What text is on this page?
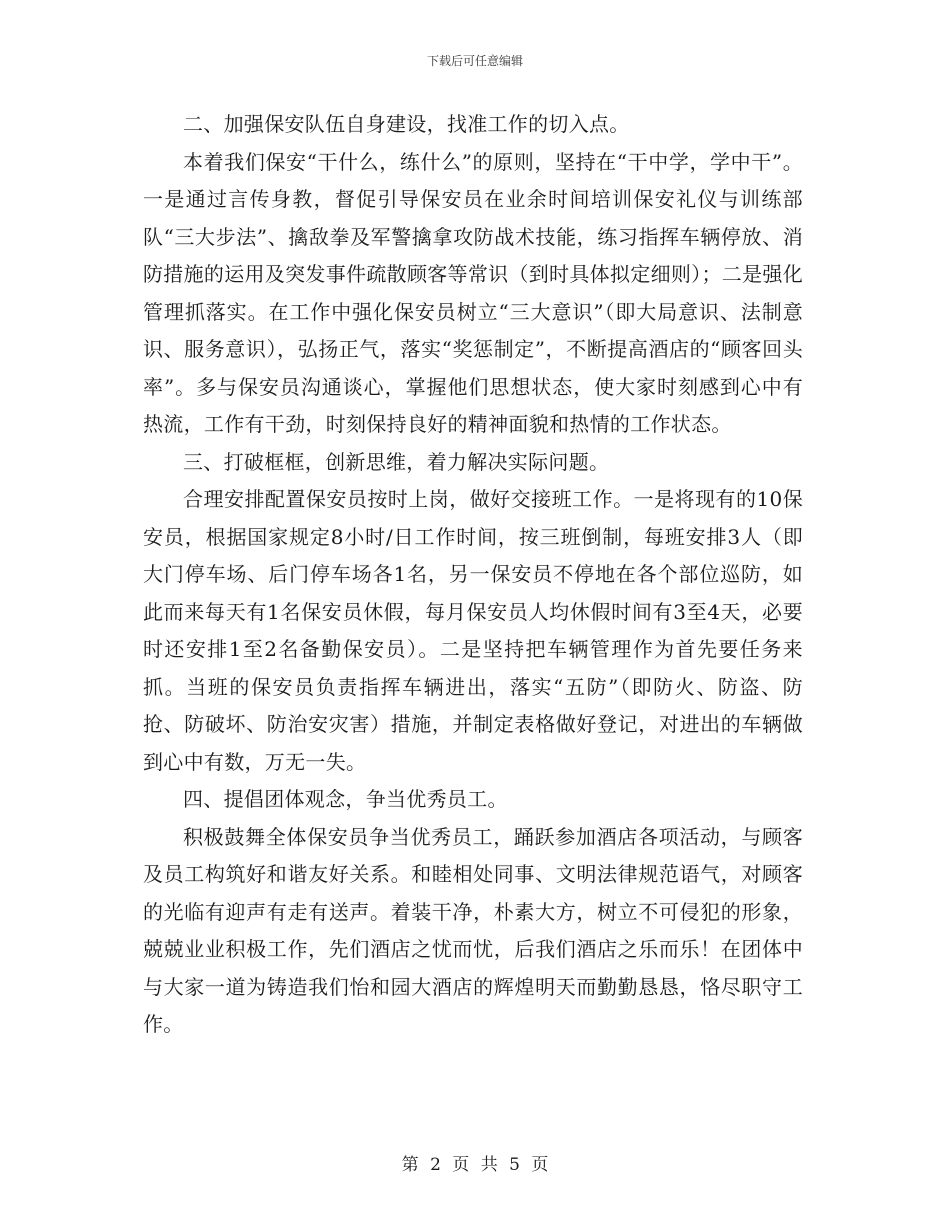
下载后可任意编辑

二、加强保安队伍自身建设，找准工作的切入点。

本着我们保安“干什么，练什么”的原则，坚持在“干中学，学中干”。一是通过言传身教，督促引导保安员在业余时间培训保安礼仪与训练部队“三大步法”、擒敌拳及军警擒拿攻防战术技能，练习指挥车辆停放、消防措施的运用及突发事件疏散顾客等常识（到时具体拟定细则）；二是强化管理抓落实。在工作中强化保安员树立“三大意识”（即大局意识、法制意识、服务意识），弘扬正气，落实“奖惩制定”，不断提高酒店的“顾客回头率”。多与保安员沟通谈心，掌握他们思想状态，使大家时刻感到心中有热流，工作有干劲，时刻保持良好的精神面貌和热情的工作状态。

三、打破框框，创新思维，着力解决实际问题。

合理安排配置保安员按时上岗，做好交接班工作。一是将现有的10保安员，根据国家规定8小时/日工作时间，按三班倒制，每班安排3人（即大门停车场、后门停车场各1名，另一保安员不停地在各个部位巡防，如此而来每天有1名保安员休假，每月保安员人均休假时间有3至4天，必要时还安排1至2名备勤保安员）。二是坚持把车辆管理作为首先要任务来抓。当班的保安员负责指挥车辆进出，落实“五防”（即防火、防盗、防抢、防破坏、防治安灾害）措施，并制定表格做好登记，对进出的车辆做到心中有数，万无一失。

四、提倡团体观念，争当优秀员工。

积极鼓舞全体保安员争当优秀员工，踊跃参加酒店各项活动，与顾客及员工构筑好和谐友好关系。和睦相处同事、文明法律规范语气，对顾客的光临有迎声有走有送声。着装干净，朴素大方，树立不可侵犯的形象，兢兢业业积极工作，先们酒店之忧而忧，后我们酒店之乐而乐！在团体中与大家一道为铸造我们怡和园大酒店的辉煌明天而勤勤恳恳，恪尽职守工作。

第 2 页 共 5 页
